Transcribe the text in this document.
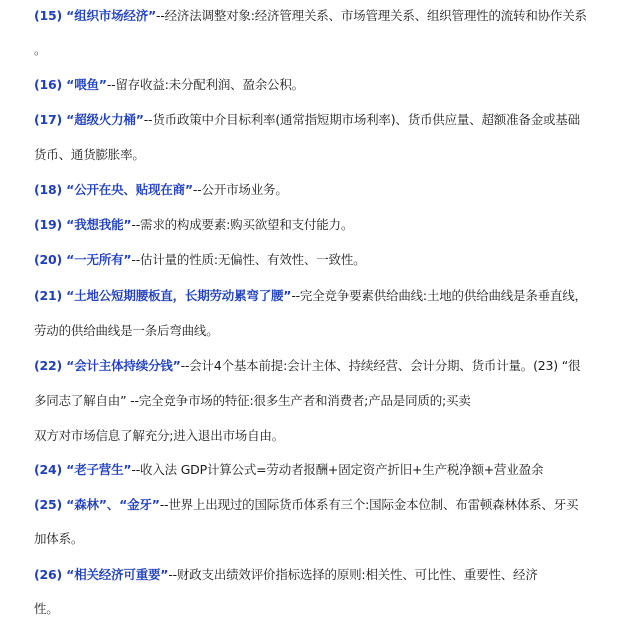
(15) “组织市场经济”--经济法调整对象:经济管理关系、市场管理关系、组织管理性的流转和协作关系
。
(16) “喂鱼”--留存收益:未分配利润、盈余公积。
(17) “超级火力桶”--货币政策中介目标利率(通常指短期市场利率)、货币供应量、超额准备金或基础
货币、通货膨胀率。
(18) “公开在央、贴现在商”--公开市场业务。
(19) “我想我能”--需求的构成要素:购买欲望和支付能力。
(20) “一无所有”--估计量的性质:无偏性、有效性、一致性。
(21) “土地公短期腰板直，长期劳动累弯了腰”--完全竞争要素供给曲线:土地的供给曲线是条垂直线，
劳动的供给曲线是一条后弯曲线。
(22) “会计主体持续分钱”--会计4个基本前提:会计主体、持续经营、会计分期、货币计量。(23) “很
多同志了解自由” --完全竞争市场的特征:很多生产者和消费者;产品是同质的;买卖
双方对市场信息了解充分;进入退出市场自由。
(24) “老子营生”--收入法 GDP计算公式=劳动者报酬+固定资产折旧+生产税净额+营业盈余
(25) “森林”、“金牙”--世界上出现过的国际货币体系有三个:国际金本位制、布雷顿森林体系、牙买
加体系。
(26) “相关经济可重要”--财政支出绩效评价指标选择的原则:相关性、可比性、重要性、经济
性。
